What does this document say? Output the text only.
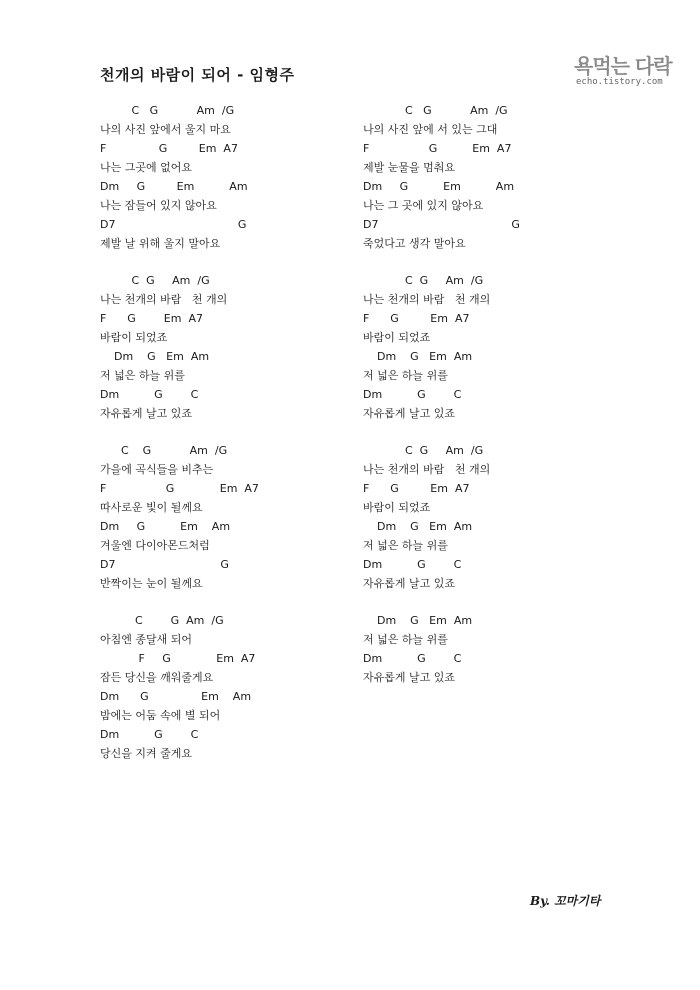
천개의 바람이 되어 - 임형주	욕먹는 다락
echo.tistory.com
C   G           Am  /G
나의 사진 앞에서 울지 마요
F               G         Em  A7
나는 그곳에 없어요
Dm     G         Em          Am
나는 잠들어 있지 않아요
D7                                   G
제발 날 위해 울지 말아요
C  G     Am  /G
나는 천개의 바람   천 개의
F      G        Em  A7
바람이 되었죠
Dm    G   Em  Am
저 넓은 하늘 위를
Dm          G        C
자유롭게 날고 있죠
C    G           Am  /G
가을에 곡식들을 비추는
F                 G             Em  A7
따사로운 빛이 될께요
Dm     G          Em    Am
겨울엔 다이아몬드처럼
D7                              G
반짝이는 눈이 될께요
C        G  Am  /G
아침엔 종달새 되어
F     G             Em  A7
잠든 당신을 깨워줄게요
Dm      G               Em    Am
밤에는 어둠 속에 별 되어
Dm          G        C
당신을 지켜 줄게요
C   G           Am  /G
나의 사진 앞에 서 있는 그대
F                 G          Em  A7
제발 눈물을 멈춰요
Dm     G          Em          Am
나는 그 곳에 있지 않아요
D7                                      G
죽었다고 생각 말아요
C  G     Am  /G
나는 천개의 바람   천 개의
F      G         Em  A7
바람이 되었죠
Dm    G   Em  Am
저 넓은 하늘 위를
Dm          G        C
자유롭게 날고 있죠
C  G     Am  /G
나는 천개의 바람   천 개의
F      G         Em  A7
바람이 되었죠
Dm    G   Em  Am
저 넓은 하늘 위를
Dm          G        C
자유롭게 날고 있죠
Dm    G   Em  Am
저 넓은 하늘 위를
Dm          G        C
자유롭게 날고 있죠
By. 꼬마기타
